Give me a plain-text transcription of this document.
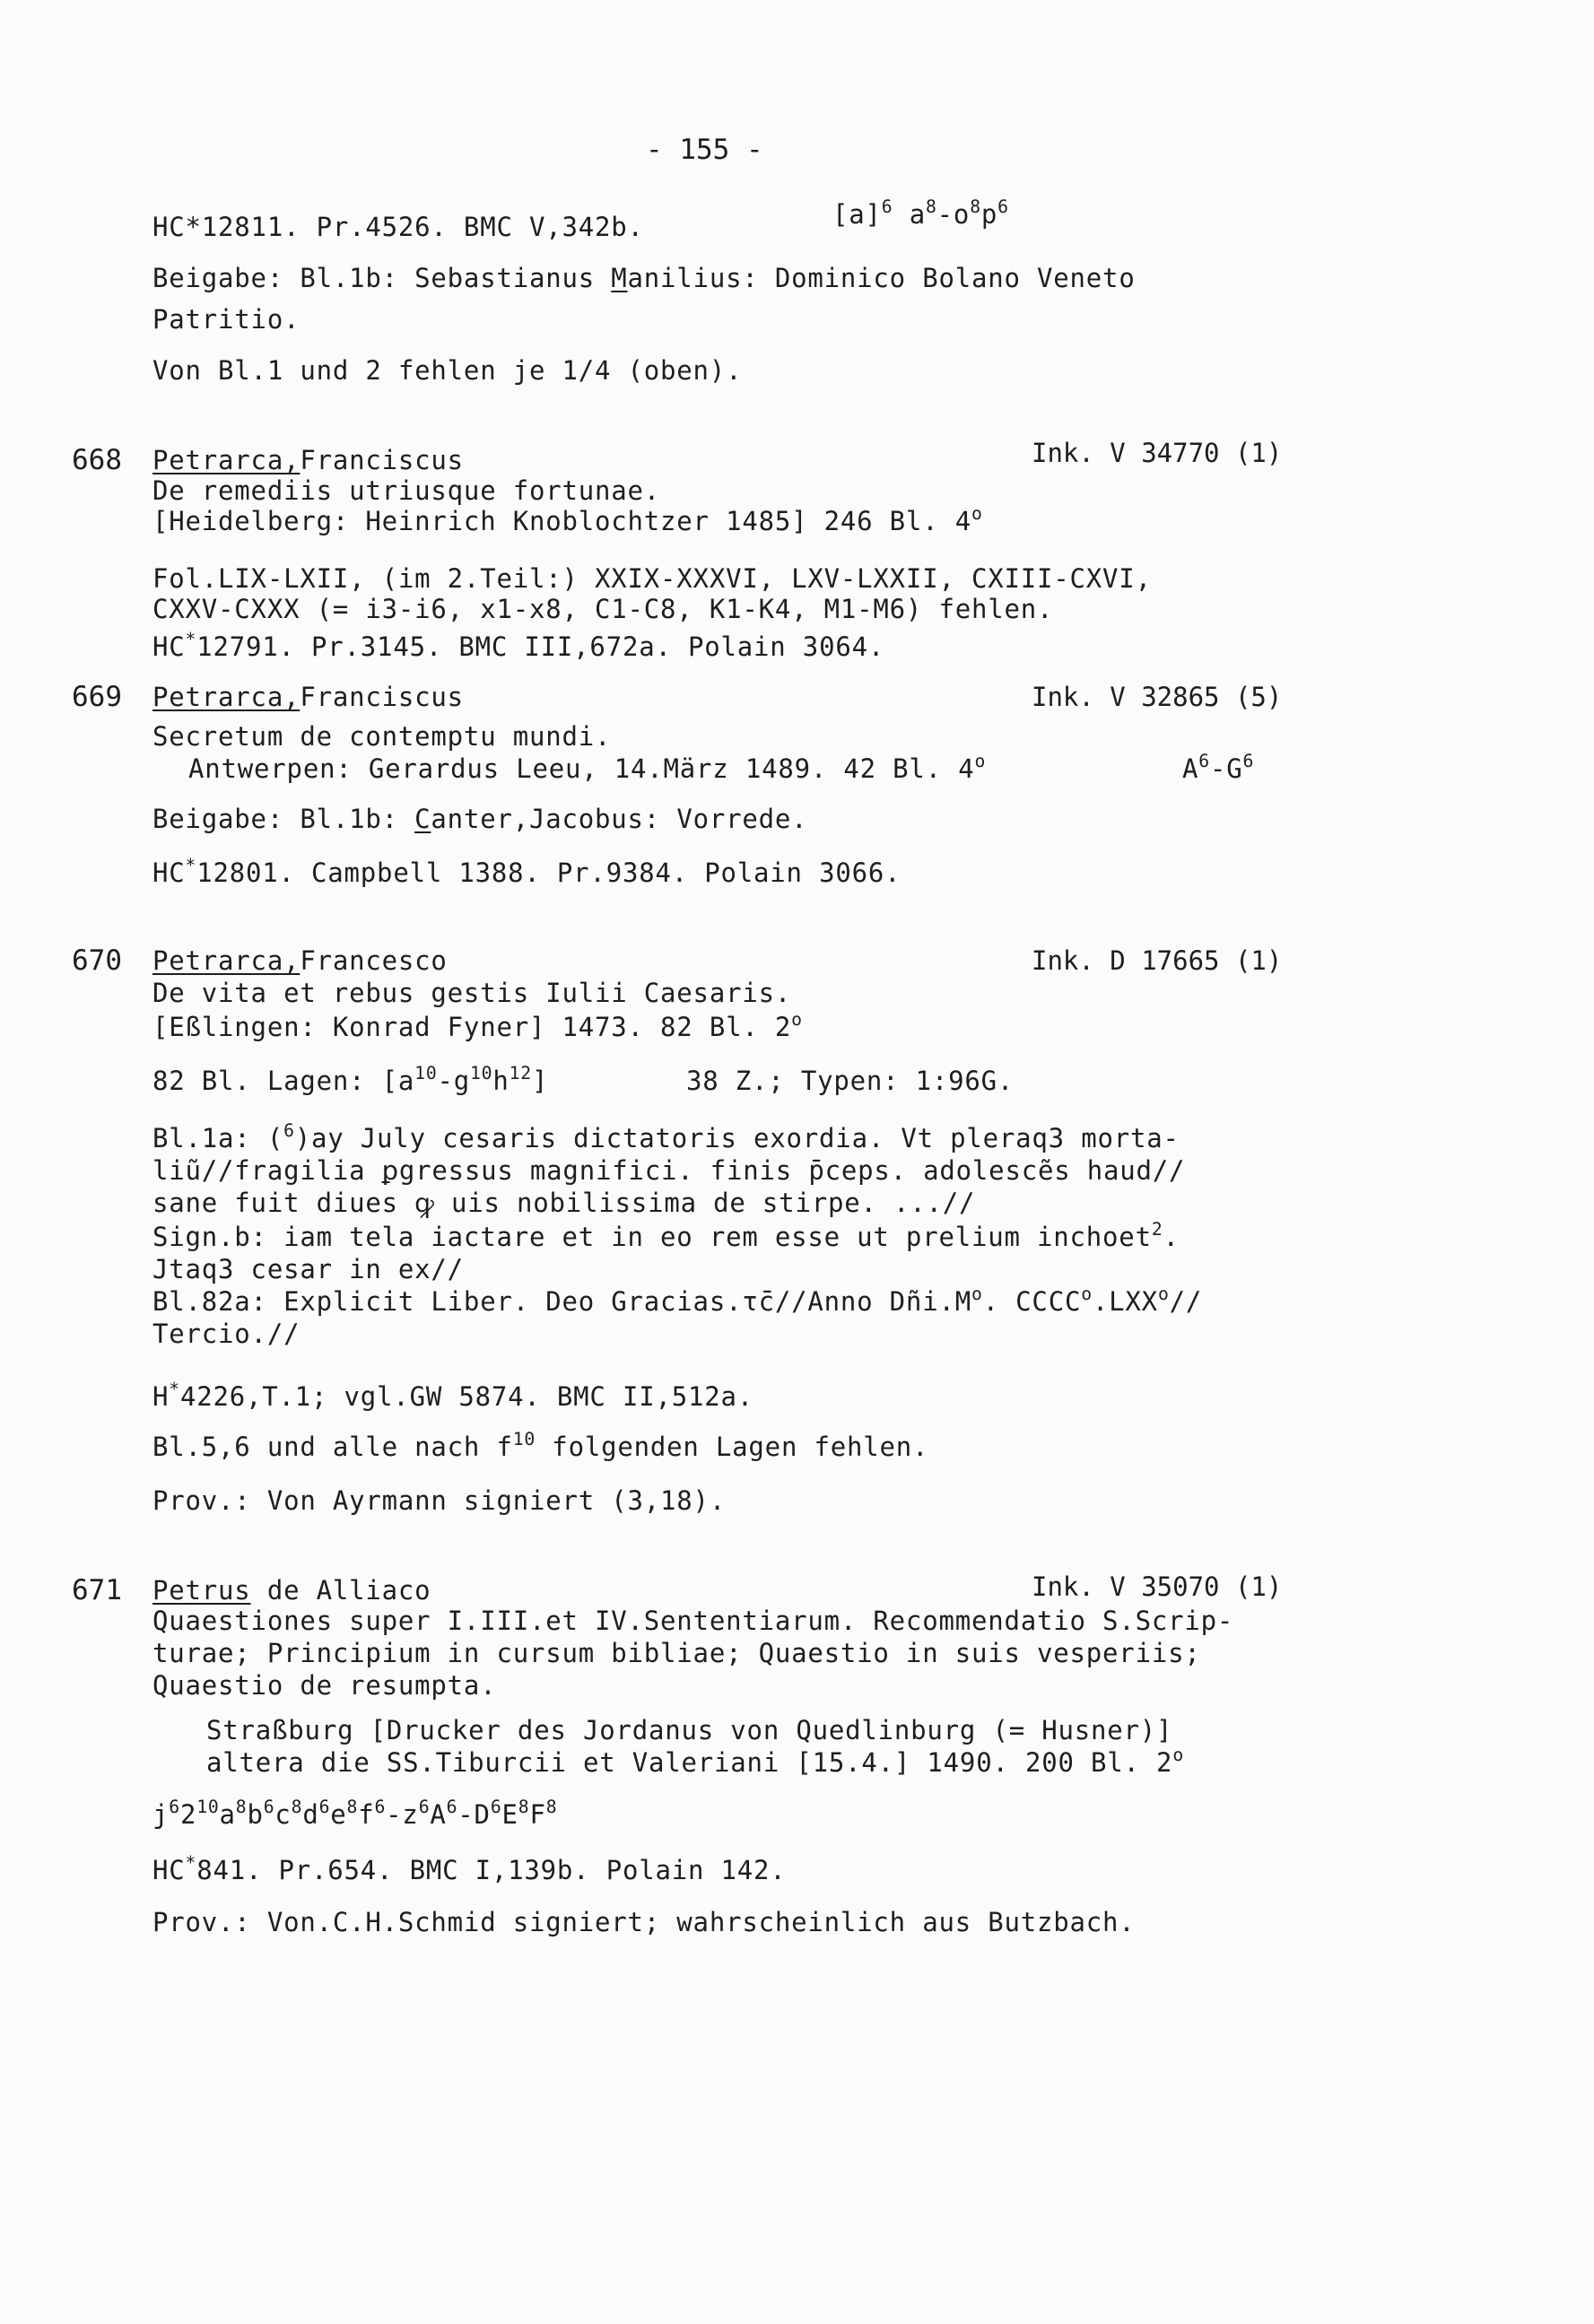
- 155 -
HC*12811. Pr.4526. BMC V,342b.	$[a]^6$ $a^8-o^8p^6$
Beigabe: Bl.1b: Sebastianus Manilius: Dominico Bolano Veneto
Patritio.
Von Bl.1 und 2 fehlen je 1/4 (oben).
668 Petrarca,Franciscus	Ink. V 34770 (1)
De remediis utriusque fortunae.
[Heidelberg: Heinrich Knoblochtzer 1485] 246 Bl. 4$^o$
Fol.LIX-LXII, (im 2.Teil:) XXIX-XXXVI, LXV-LXXII, CXIII-CXVI,
CXXV-CXXX (= i3-i6, x1-x8, C1-C8, K1-K4, M1-M6) fehlen.
HC*12791. Pr.3145. BMC III,672a. Polain 3064.
669 Petrarca,Franciscus	Ink. V 32865 (5)
Secretum de contemptu mundi.
Antwerpen: Gerardus Leeu, 14.März 1489. 42 Bl. 4$^o$	$A^6-G^6$
Beigabe: Bl.1b: Canter,Jacobus: Vorrede.
HC*12801. Campbell 1388. Pr.9384. Polain 3066.
670 Petrarca,Francesco	Ink. D 17665 (1)
De vita et rebus gestis Iulii Caesaris.
[Eßlingen: Konrad Fyner] 1473. 82 Bl. 2$^o$
82 Bl. Lagen: $[a^{10}-g^{10}h^{12}]$	38 Z.; Typen: 1:96G.
Bl.1a: ($^6$)ay July cesaris dictatoris exordia. Vt pleraq3 morta-
liũ//fragilia ꝑgressus magnifici. finis p̄ceps. adolescẽs haud//
sane fuit diues ꝙ uis nobilissima de stirpe. ...//
Sign.b: iam tela iactare et in eo rem esse ut prelium inchoet$^2$.
Jtaq3 cesar in ex//
Bl.82a: Explicit Liber. Deo Gracias.τc̄//Anno $Dñi.M^o$. CCCC$^o$.LXX$^o$//
Tercio.//
H*4226,T.1; vgl.GW 5874. BMC II,512a.
Bl.5,6 und alle nach $f^{10}$ folgenden Lagen fehlen.
Prov.: Von Ayrmann signiert (3,18).
671 Petrus de Alliaco	Ink. V 35070 (1)
Quaestiones super I.III.et IV.Sententiarum. Recommendatio S.Scrip-
turae; Principium in cursum bibliae; Quaestio in suis vesperiis;
Quaestio de resumpta.
Straßburg [Drucker des Jordanus von Quedlinburg (= Husner)]
altera die SS.Tiburcii et Valeriani [15.4.] 1490. 200 Bl. 2$^o$
$j^62^{10}a^8b^6c^8d^6e^8f^6-z^6A^6-D^6E^8F^8$
HC*841. Pr.654. BMC I,139b. Polain 142.
Prov.: Von.C.H.Schmid signiert; wahrscheinlich aus Butzbach.
